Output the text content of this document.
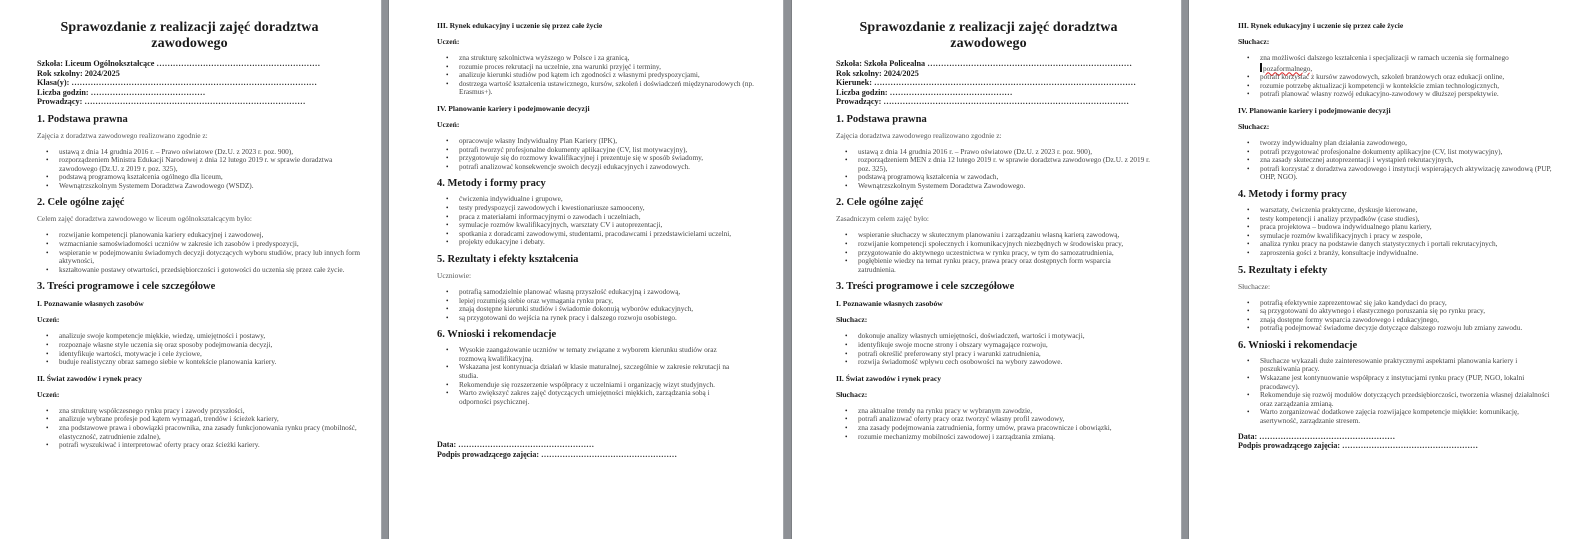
Sprawozdanie z realizacji zajęć doradztwa zawodowego
Szkoła: Liceum Ogólnokształcące ……………………………………………………
Rok szkolny: 2024/2025
Klasa(y): ………………………………………………………………………………
Liczba godzin: ……………………………………
Prowadzący: ………………………………………………………………………
1. Podstawa prawna
Zajęcia z doradztwa zawodowego realizowano zgodnie z:
• ustawą z dnia 14 grudnia 2016 r. – Prawo oświatowe (Dz.U. z 2023 r. poz. 900),
• rozporządzeniem Ministra Edukacji Narodowej z dnia 12 lutego 2019 r. w sprawie doradztwa zawodowego (Dz.U. z 2019 r. poz. 325),
• podstawą programową kształcenia ogólnego dla liceum,
• Wewnątrzszkolnym Systemem Doradztwa Zawodowego (WSDZ).
2. Cele ogólne zajęć
Celem zajęć doradztwa zawodowego w liceum ogólnokształcącym było:
• rozwijanie kompetencji planowania kariery edukacyjnej i zawodowej,
• wzmacnianie samoświadomości uczniów w zakresie ich zasobów i predyspozycji,
• wspieranie w podejmowaniu świadomych decyzji dotyczących wyboru studiów, pracy lub innych form aktywności,
• kształtowanie postawy otwartości, przedsiębiorczości i gotowości do uczenia się przez całe życie.
3. Treści programowe i cele szczegółowe
I. Poznawanie własnych zasobów
Uczeń:
• analizuje swoje kompetencje miękkie, wiedzę, umiejętności i postawy,
• rozpoznaje własne style uczenia się oraz sposoby podejmowania decyzji,
• identyfikuje wartości, motywacje i cele życiowe,
• buduje realistyczny obraz samego siebie w kontekście planowania kariery.
II. Świat zawodów i rynek pracy
Uczeń:
• zna strukturę współczesnego rynku pracy i zawody przyszłości,
• analizuje wybrane profesje pod kątem wymagań, trendów i ścieżek kariery,
• zna podstawowe prawa i obowiązki pracownika, zna zasady funkcjonowania rynku pracy (mobilność, elastyczność, zatrudnienie zdalne),
• potrafi wyszukiwać i interpretować oferty pracy oraz ścieżki kariery.
III. Rynek edukacyjny i uczenie się przez całe życie
Uczeń:
• zna strukturę szkolnictwa wyższego w Polsce i za granicą,
• rozumie proces rekrutacji na uczelnie, zna warunki przyjęć i terminy,
• analizuje kierunki studiów pod kątem ich zgodności z własnymi predyspozycjami,
• dostrzega wartość kształcenia ustawicznego, kursów, szkoleń i doświadczeń międzynarodowych (np. Erasmus+).
IV. Planowanie kariery i podejmowanie decyzji
Uczeń:
• opracowuje własny Indywidualny Plan Kariery (IPK),
• potrafi tworzyć profesjonalne dokumenty aplikacyjne (CV, list motywacyjny),
• przygotowuje się do rozmowy kwalifikacyjnej i prezentuje się w sposób świadomy,
• potrafi analizować konsekwencje swoich decyzji edukacyjnych i zawodowych.
4. Metody i formy pracy
• ćwiczenia indywidualne i grupowe,
• testy predyspozycji zawodowych i kwestionariusze samooceny,
• praca z materiałami informacyjnymi o zawodach i uczelniach,
• symulacje rozmów kwalifikacyjnych, warsztaty CV i autoprezentacji,
• spotkania z doradcami zawodowymi, studentami, pracodawcami i przedstawicielami uczelni,
• projekty edukacyjne i debaty.
5. Rezultaty i efekty kształcenia
Uczniowie:
• potrafią samodzielnie planować własną przyszłość edukacyjną i zawodową,
• lepiej rozumieją siebie oraz wymagania rynku pracy,
• znają dostępne kierunki studiów i świadomie dokonują wyborów edukacyjnych,
• są przygotowani do wejścia na rynek pracy i dalszego rozwoju osobistego.
6. Wnioski i rekomendacje
• Wysokie zaangażowanie uczniów w tematy związane z wyborem kierunku studiów oraz rozmową kwalifikacyjną.
• Wskazana jest kontynuacja działań w klasie maturalnej, szczególnie w zakresie rekrutacji na studia.
• Rekomenduje się rozszerzenie współpracy z uczelniami i organizację wizyt studyjnych.
• Warto zwiększyć zakres zajęć dotyczących umiejętności miękkich, zarządzania sobą i odporności psychicznej.
Data: ……………………………………………
Podpis prowadzącego zajęcia: ……………………………………………
Sprawozdanie z realizacji zajęć doradztwa zawodowego
Szkoła: Szkoła Policealna …………………………………………………………………
Rok szkolny: 2024/2025
Kierunek: ……………………………………………………………………………………
Liczba godzin: ………………………………………
Prowadzący: ………………………………………………………………………………
1. Podstawa prawna
Zajęcia doradztwa zawodowego realizowano zgodnie z:
• ustawą z dnia 14 grudnia 2016 r. – Prawo oświatowe (Dz.U. z 2023 r. poz. 900),
• rozporządzeniem MEN z dnia 12 lutego 2019 r. w sprawie doradztwa zawodowego (Dz.U. z 2019 r. poz. 325),
• podstawą programową kształcenia w zawodach,
• Wewnątrzszkolnym Systemem Doradztwa Zawodowego.
2. Cele ogólne zajęć
Zasadniczym celem zajęć było:
• wspieranie słuchaczy w skutecznym planowaniu i zarządzaniu własną karierą zawodową,
• rozwijanie kompetencji społecznych i komunikacyjnych niezbędnych w środowisku pracy,
• przygotowanie do aktywnego uczestnictwa w rynku pracy, w tym do samozatrudnienia,
• pogłębienie wiedzy na temat rynku pracy, prawa pracy oraz dostępnych form wsparcia zatrudnienia.
3. Treści programowe i cele szczegółowe
I. Poznawanie własnych zasobów
Słuchacz:
• dokonuje analizy własnych umiejętności, doświadczeń, wartości i motywacji,
• identyfikuje swoje mocne strony i obszary wymagające rozwoju,
• potrafi określić preferowany styl pracy i warunki zatrudnienia,
• rozwija świadomość wpływu cech osobowości na wybory zawodowe.
II. Świat zawodów i rynek pracy
Słuchacz:
• zna aktualne trendy na rynku pracy w wybranym zawodzie,
• potrafi analizować oferty pracy oraz tworzyć własny profil zawodowy,
• zna zasady podejmowania zatrudnienia, formy umów, prawa pracownicze i obowiązki,
• rozumie mechanizmy mobilności zawodowej i zarządzania zmianą.
III. Rynek edukacyjny i uczenie się przez całe życie
Słuchacz:
• zna możliwości dalszego kształcenia i specjalizacji w ramach uczenia się formalnego
pozaformalnego,
• potrafi korzystać z kursów zawodowych, szkoleń branżowych oraz edukacji online,
• rozumie potrzebę aktualizacji kompetencji w kontekście zmian technologicznych,
• potrafi planować własny rozwój edukacyjno-zawodowy w dłuższej perspektywie.
IV. Planowanie kariery i podejmowanie decyzji
Słuchacz:
• tworzy indywidualny plan działania zawodowego,
• potrafi przygotować profesjonalne dokumenty aplikacyjne (CV, list motywacyjny),
• zna zasady skutecznej autoprezentacji i wystąpień rekrutacyjnych,
• potrafi korzystać z doradztwa zawodowego i instytucji wspierających aktywizację zawodową (PUP, OHP, NGO).
4. Metody i formy pracy
• warsztaty, ćwiczenia praktyczne, dyskusje kierowane,
• testy kompetencji i analizy przypadków (case studies),
• praca projektowa – budowa indywidualnego planu kariery,
• symulacje rozmów kwalifikacyjnych i pracy w zespole,
• analiza rynku pracy na podstawie danych statystycznych i portali rekrutacyjnych,
• zaproszenia gości z branży, konsultacje indywidualne.
5. Rezultaty i efekty
Słuchacze:
• potrafią efektywnie zaprezentować się jako kandydaci do pracy,
• są przygotowani do aktywnego i elastycznego poruszania się po rynku pracy,
• znają dostępne formy wsparcia zawodowego i edukacyjnego,
• potrafią podejmować świadome decyzje dotyczące dalszego rozwoju lub zmiany zawodu.
6. Wnioski i rekomendacje
• Słuchacze wykazali duże zainteresowanie praktycznymi aspektami planowania kariery i poszukiwania pracy.
• Wskazane jest kontynuowanie współpracy z instytucjami rynku pracy (PUP, NGO, lokalni pracodawcy).
• Rekomenduje się rozwój modułów dotyczących przedsiębiorczości, tworzenia własnej działalności oraz zarządzania zmianą.
• Warto zorganizować dodatkowe zajęcia rozwijające kompetencje miękkie: komunikację, asertywność, zarządzanie stresem.
Data: ……………………………………………
Podpis prowadzącego zajęcia: ……………………………………………
